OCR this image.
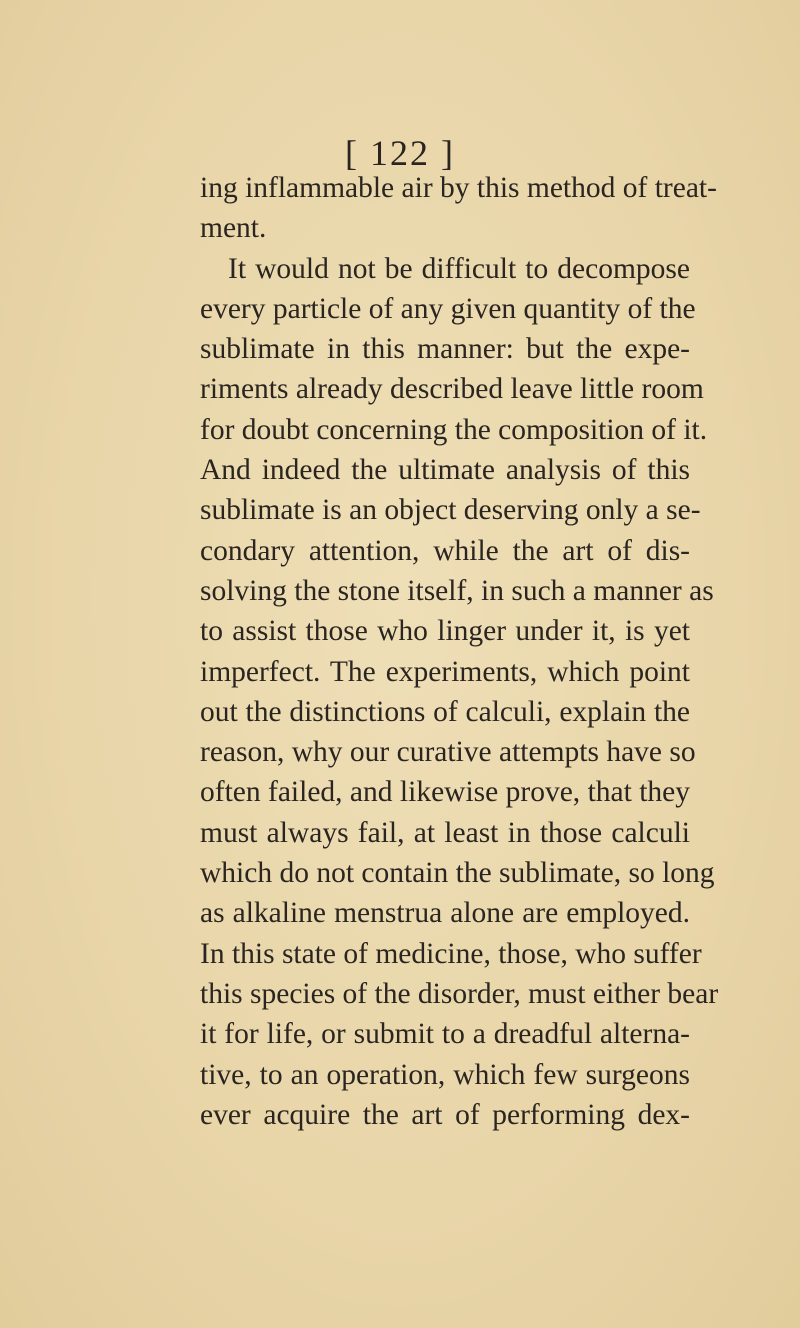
[ 122 ]
ing inflammable air by this method of treat-
ment.
It would not be difficult to decompose
every particle of any given quantity of the
sublimate in this manner: but the expe-
riments already described leave little room
for doubt concerning the composition of it.
And indeed the ultimate analysis of this
sublimate is an object deserving only a se-
condary attention, while the art of dis-
solving the stone itself, in such a manner as
to assist those who linger under it, is yet
imperfect. The experiments, which point
out the distinctions of calculi, explain the
reason, why our curative attempts have so
often failed, and likewise prove, that they
must always fail, at least in those calculi
which do not contain the sublimate, so long
as alkaline menstrua alone are employed.
In this state of medicine, those, who suffer
this species of the disorder, must either bear
it for life, or submit to a dreadful alterna-
tive, to an operation, which few surgeons
ever acquire the art of performing dex-
